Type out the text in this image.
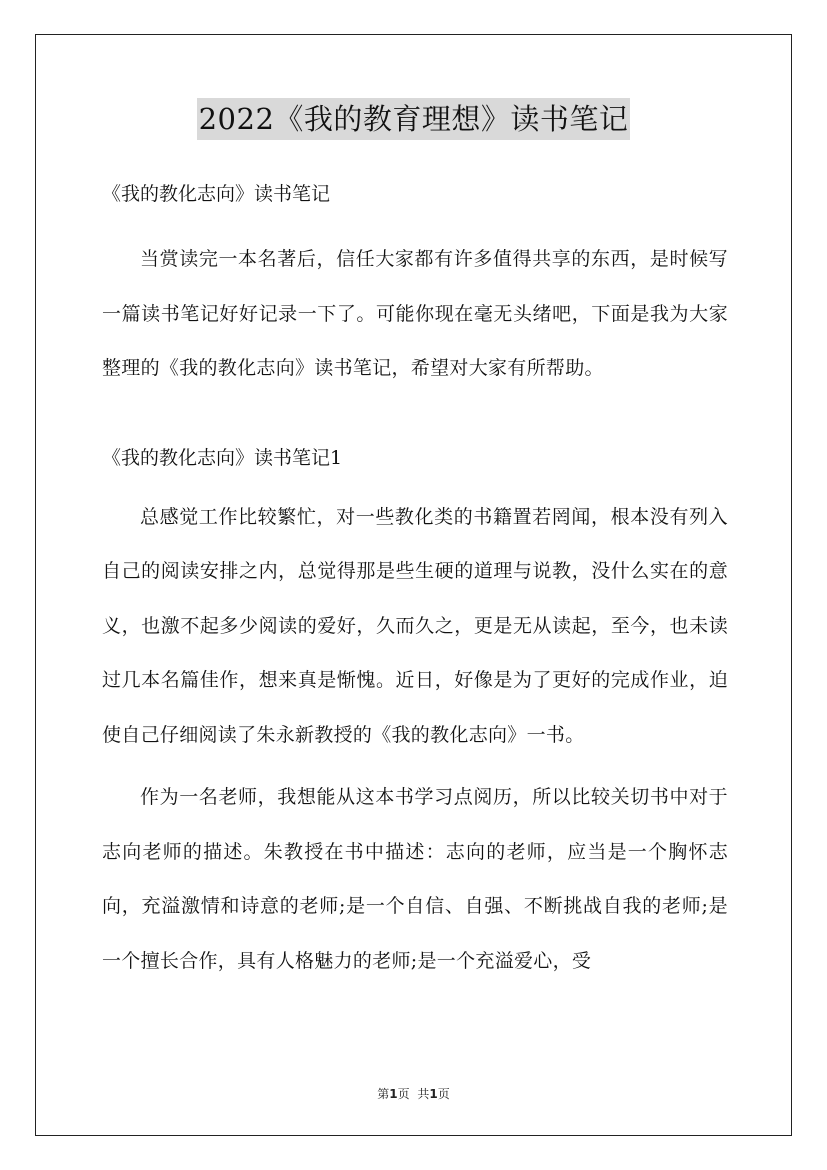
2022《我的教育理想》读书笔记

《我的教化志向》读书笔记

当赏读完一本名著后，信任大家都有许多值得共享的东西，是时候写一篇读书笔记好好记录一下了。可能你现在毫无头绪吧，下面是我为大家整理的《我的教化志向》读书笔记，希望对大家有所帮助。

《我的教化志向》读书笔记1

总感觉工作比较繁忙，对一些教化类的书籍置若罔闻，根本没有列入自己的阅读安排之内，总觉得那是些生硬的道理与说教，没什么实在的意义，也激不起多少阅读的爱好，久而久之，更是无从读起，至今，也未读过几本名篇佳作，想来真是惭愧。近日，好像是为了更好的完成作业，迫使自己仔细阅读了朱永新教授的《我的教化志向》一书。

作为一名老师，我想能从这本书学习点阅历，所以比较关切书中对于志向老师的描述。朱教授在书中描述：志向的老师，应当是一个胸怀志向，充溢激情和诗意的老师;是一个自信、自强、不断挑战自我的老师;是一个擅长合作，具有人格魅力的老师;是一个充溢爱心，受

第1页 共1页
